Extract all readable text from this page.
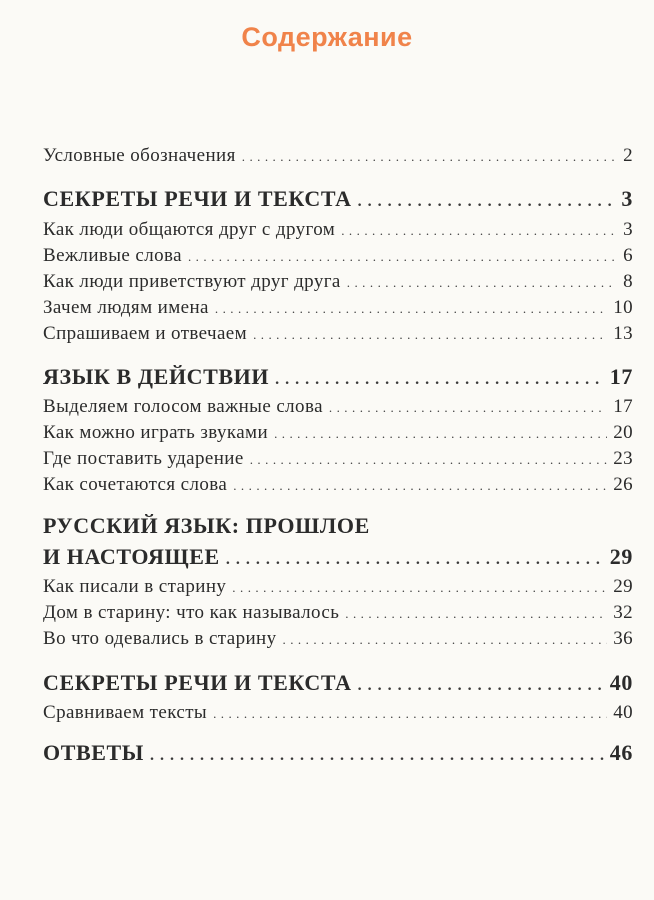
Содержание
Условные обозначения . . .	2
СЕКРЕТЫ РЕЧИ И ТЕКСТА . . .	3
Как люди общаются друг с другом . . .	3
Вежливые слова . . .	6
Как люди приветствуют друг друга . . .	8
Зачем людям имена . . .	10
Спрашиваем и отвечаем . . .	13
ЯЗЫК В ДЕЙСТВИИ . . .	17
Выделяем голосом важные слова . . .	17
Как можно играть звуками . . .	20
Где поставить ударение . . .	23
Как сочетаются слова . . .	26
РУССКИЙ ЯЗЫК: ПРОШЛОЕ
И НАСТОЯЩЕЕ . . .	29
Как писали в старину . . .	29
Дом в старину: что как называлось . . .	32
Во что одевались в старину . . .	36
СЕКРЕТЫ РЕЧИ И ТЕКСТА . . .	40
Сравниваем тексты . . .	40
ОТВЕТЫ . . .	46
